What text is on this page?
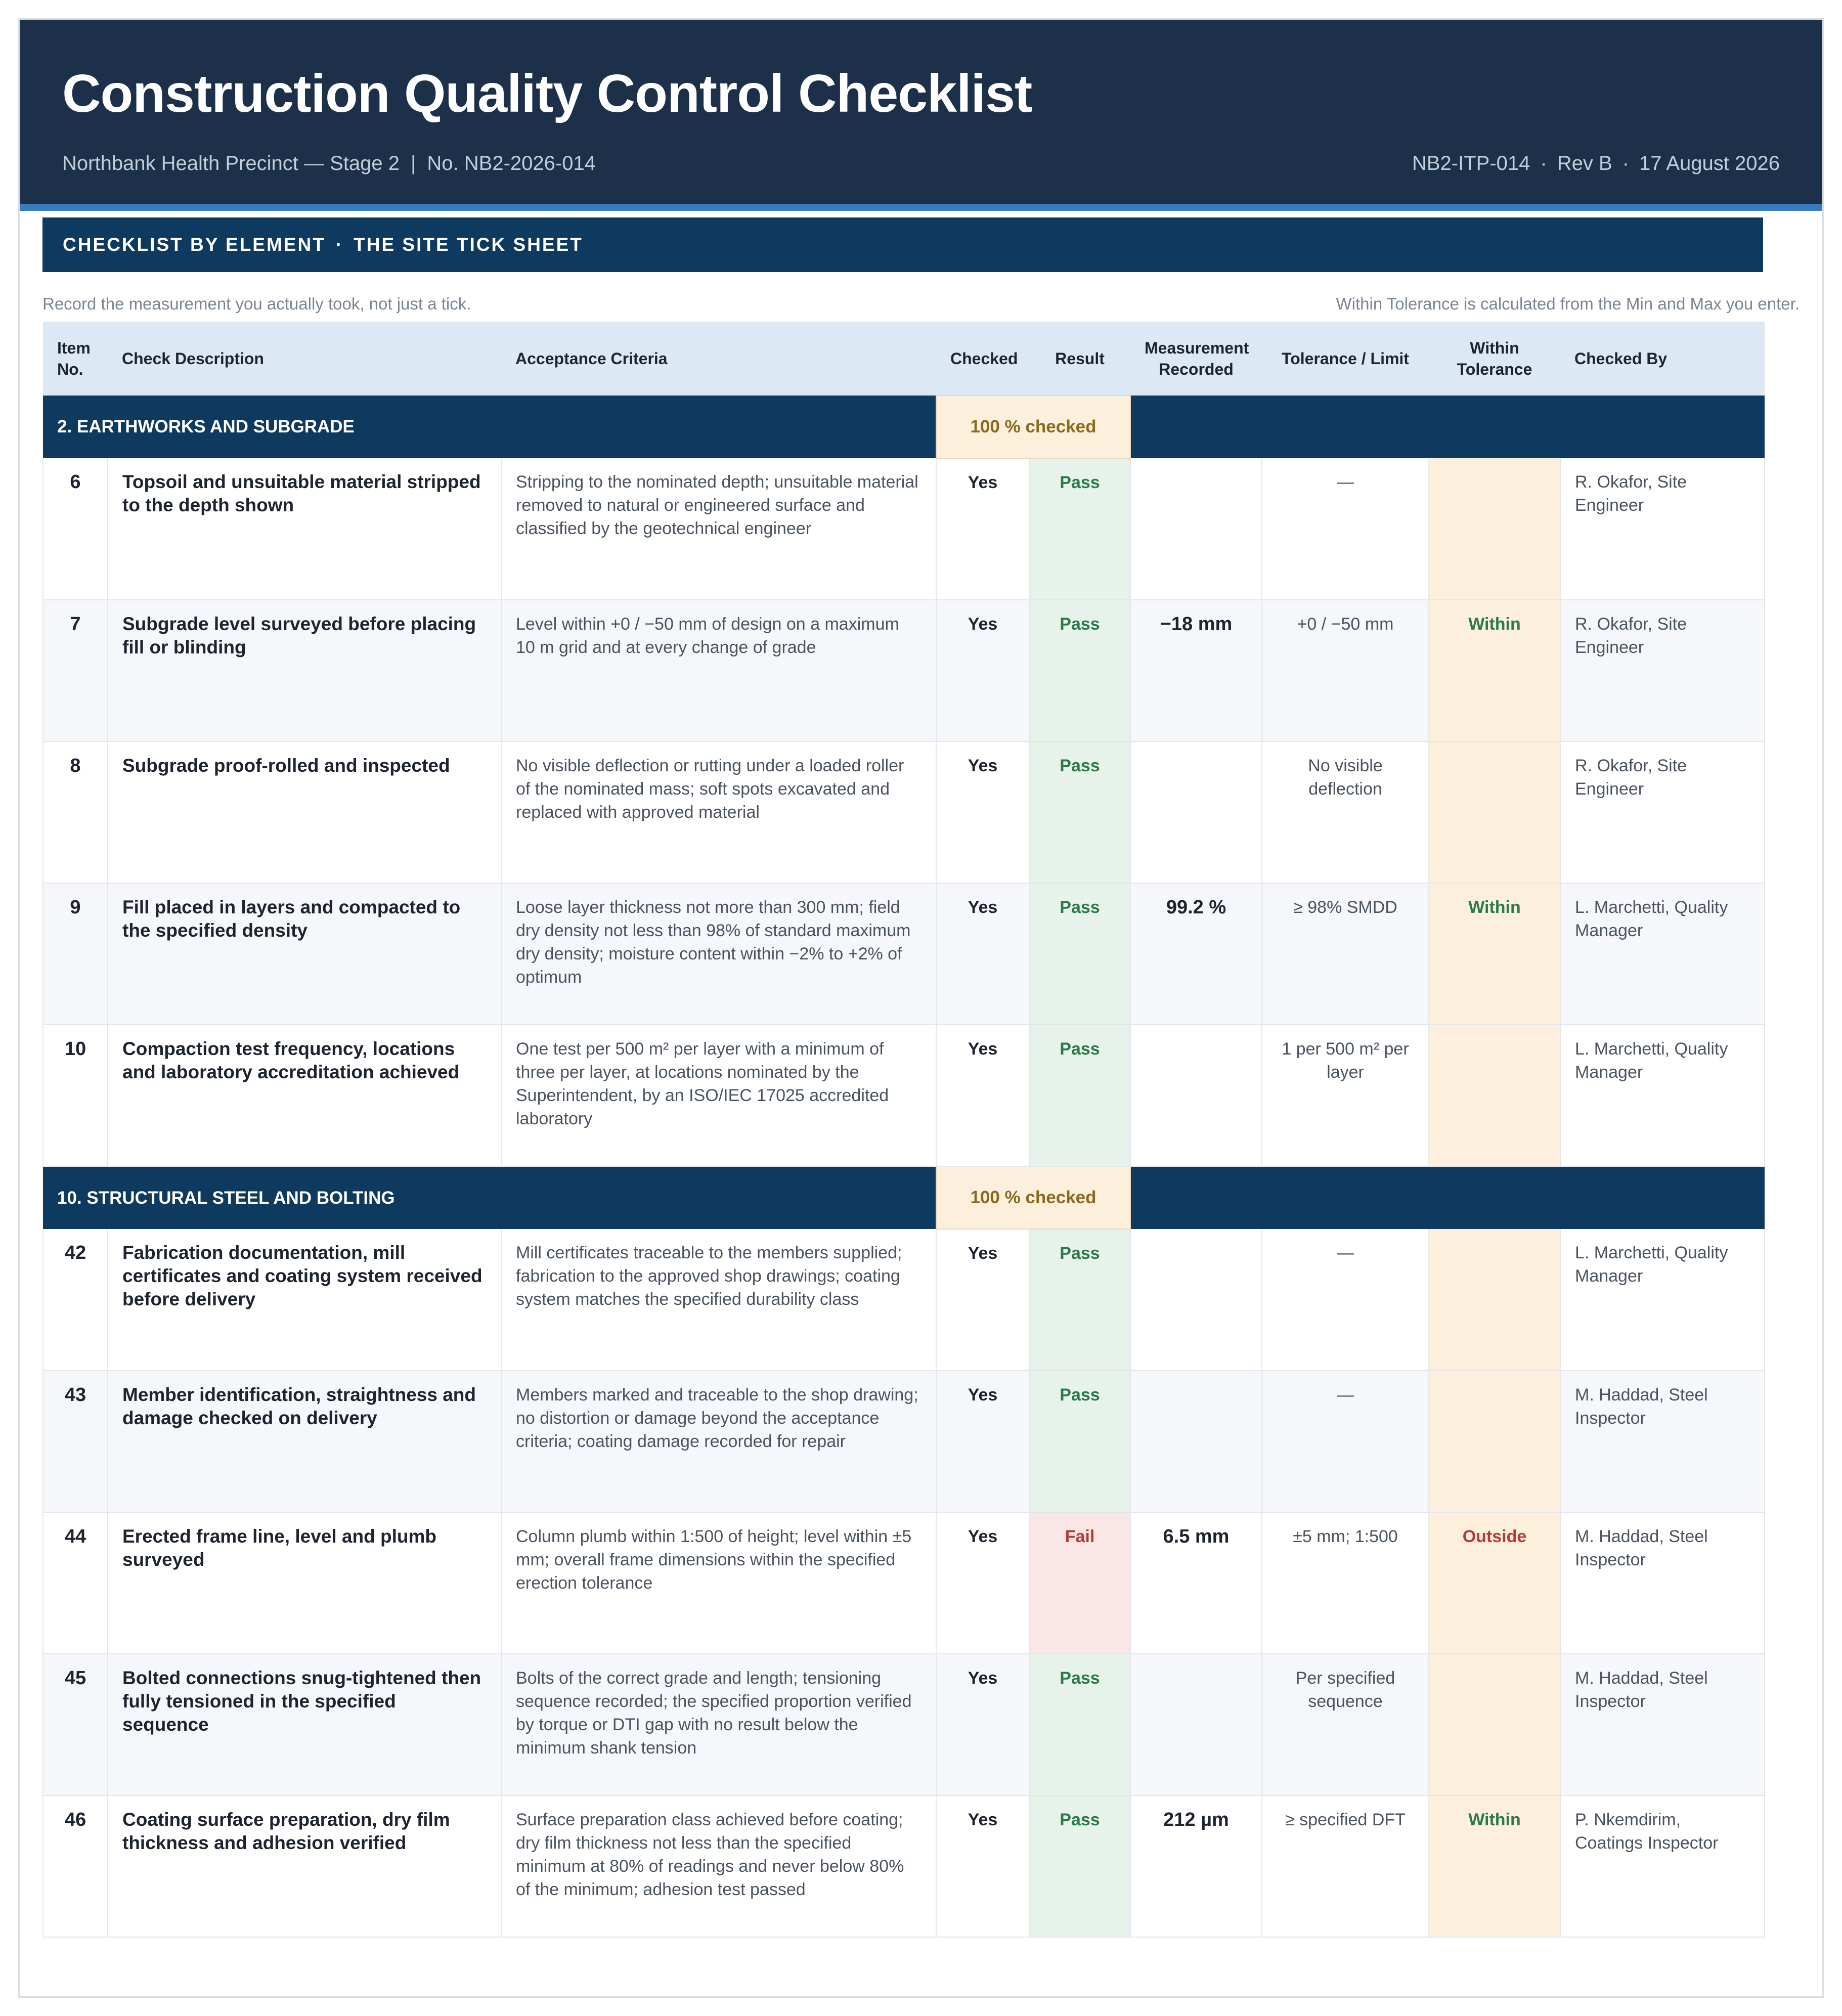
Construction Quality Control Checklist
Northbank Health Precinct — Stage 2 | No. NB2-2026-014	NB2-ITP-014 · Rev B · 17 August 2026
CHECKLIST BY ELEMENT · THE SITE TICK SHEET
Record the measurement you actually took, not just a tick.	Within Tolerance is calculated from the Min and Max you enter.
Item No.	Check Description	Acceptance Criteria	Checked	Result	Measurement Recorded	Tolerance / Limit	Within Tolerance	Checked By
2. EARTHWORKS AND SUBGRADE			100 % checked					
6	Topsoil and unsuitable material stripped to the depth shown	Stripping to the nominated depth; unsuitable material removed to natural or engineered surface and classified by the geotechnical engineer	Yes	Pass		—		R. Okafor, Site Engineer
7	Subgrade level surveyed before placing fill or blinding	Level within +0 / −50 mm of design on a maximum 10 m grid and at every change of grade	Yes	Pass	−18 mm	+0 / −50 mm	Within	R. Okafor, Site Engineer
8	Subgrade proof-rolled and inspected	No visible deflection or rutting under a loaded roller of the nominated mass; soft spots excavated and replaced with approved material	Yes	Pass		No visible deflection		R. Okafor, Site Engineer
9	Fill placed in layers and compacted to the specified density	Loose layer thickness not more than 300 mm; field dry density not less than 98% of standard maximum dry density; moisture content within −2% to +2% of optimum	Yes	Pass	99.2 %	≥ 98% SMDD	Within	L. Marchetti, Quality Manager
10	Compaction test frequency, locations and laboratory accreditation achieved	One test per 500 m² per layer with a minimum of three per layer, at locations nominated by the Superintendent, by an ISO/IEC 17025 accredited laboratory	Yes	Pass		1 per 500 m² per layer		L. Marchetti, Quality Manager
10. STRUCTURAL STEEL AND BOLTING			100 % checked					
42	Fabrication documentation, mill certificates and coating system received before delivery	Mill certificates traceable to the members supplied; fabrication to the approved shop drawings; coating system matches the specified durability class	Yes	Pass		—		L. Marchetti, Quality Manager
43	Member identification, straightness and damage checked on delivery	Members marked and traceable to the shop drawing; no distortion or damage beyond the acceptance criteria; coating damage recorded for repair	Yes	Pass		—		M. Haddad, Steel Inspector
44	Erected frame line, level and plumb surveyed	Column plumb within 1:500 of height; level within ±5 mm; overall frame dimensions within the specified erection tolerance	Yes	Fail	6.5 mm	±5 mm; 1:500	Outside	M. Haddad, Steel Inspector
45	Bolted connections snug-tightened then fully tensioned in the specified sequence	Bolts of the correct grade and length; tensioning sequence recorded; the specified proportion verified by torque or DTI gap with no result below the minimum shank tension	Yes	Pass		Per specified sequence		M. Haddad, Steel Inspector
46	Coating surface preparation, dry film thickness and adhesion verified	Surface preparation class achieved before coating; dry film thickness not less than the specified minimum at 80% of readings and never below 80% of the minimum; adhesion test passed	Yes	Pass	212 µm	≥ specified DFT	Within	P. Nkemdirim, Coatings Inspector
